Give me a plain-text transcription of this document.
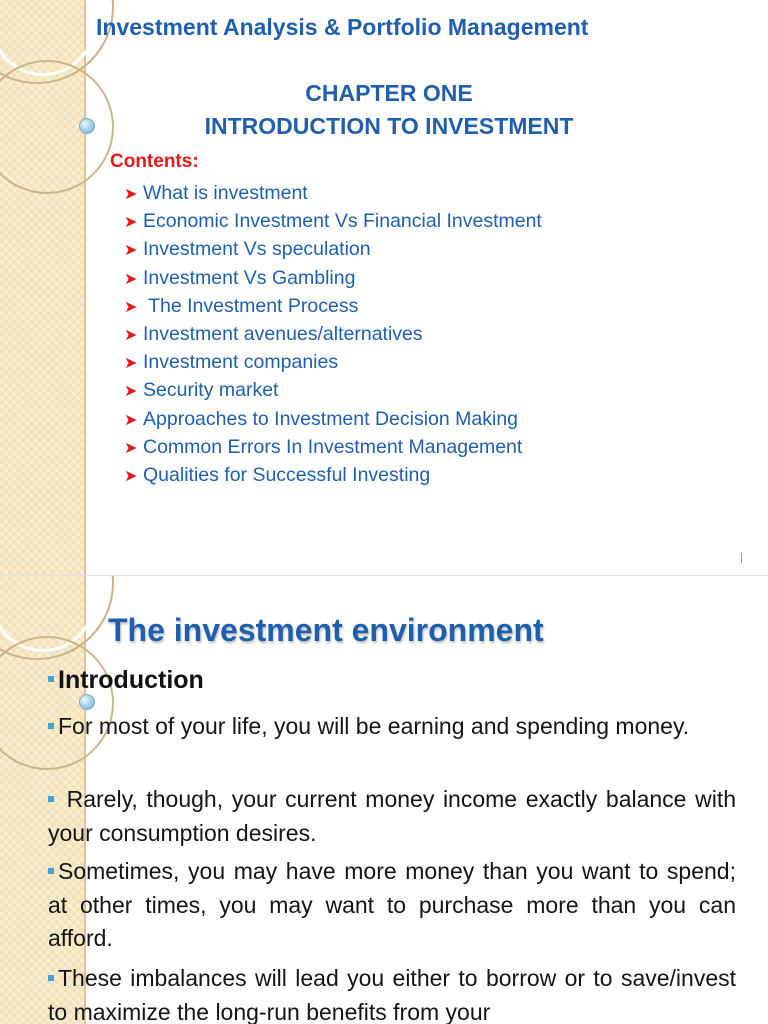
Investment Analysis & Portfolio Management
CHAPTER ONE
INTRODUCTION TO INVESTMENT
Contents:
➤ What is investment
➤ Economic Investment Vs Financial Investment
➤ Investment Vs speculation
➤ Investment Vs Gambling
➤ The Investment Process
➤ Investment avenues/alternatives
➤ Investment companies
➤ Security market
➤ Approaches to Investment Decision Making
➤ Common Errors In Investment Management
➤ Qualities for Successful Investing
The investment environment
Introduction
For most of your life, you will be earning and spending money.
Rarely, though, your current money income exactly balance with your consumption desires.
Sometimes, you may have more money than you want to spend; at other times, you may want to purchase more than you can afford.
These imbalances will lead you either to borrow or to save/invest to maximize the long-run benefits from your
